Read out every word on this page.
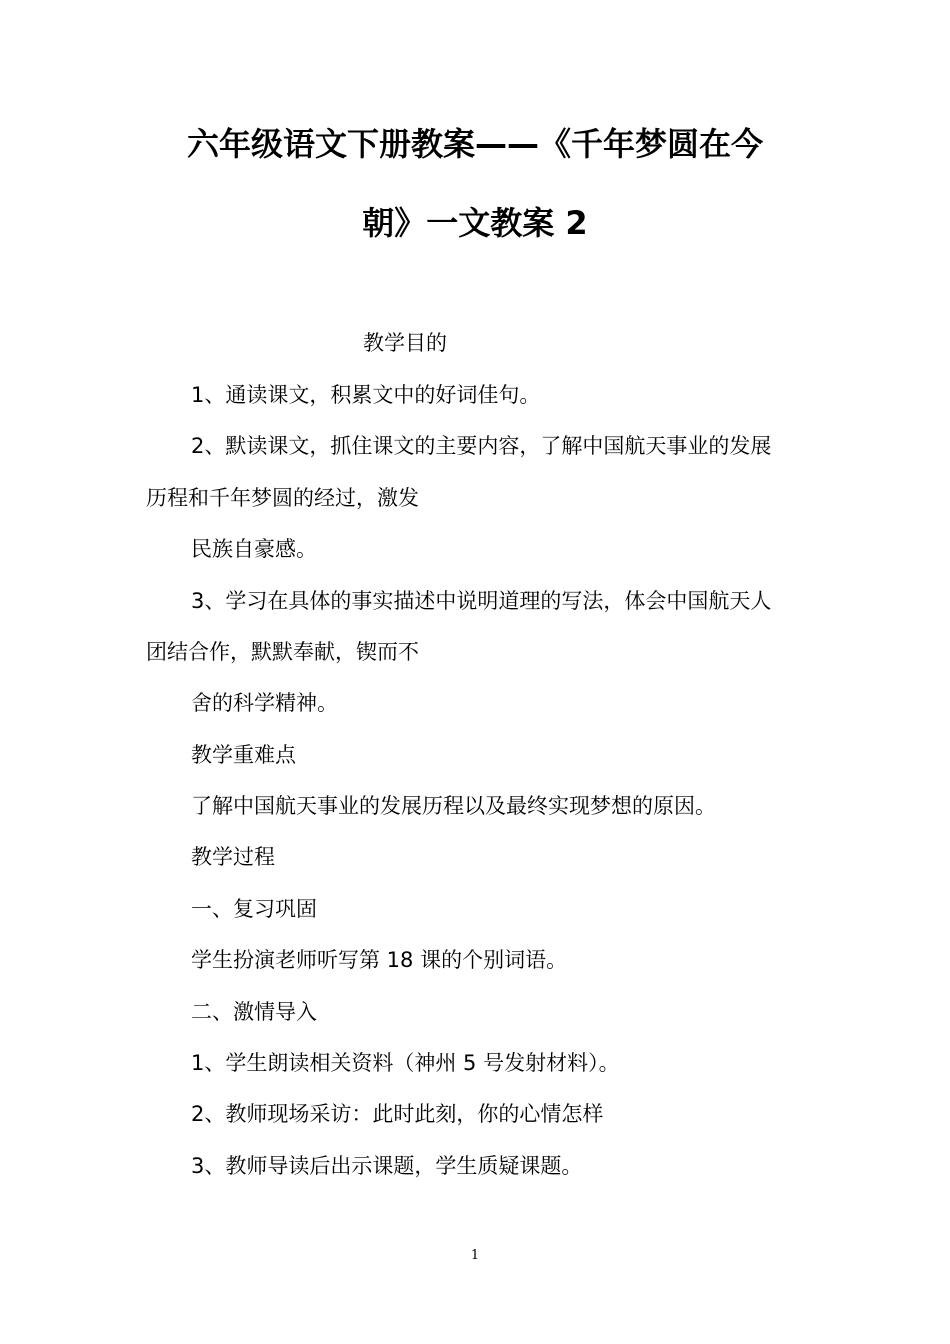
六年级语文下册教案——《千年梦圆在今
朝》一文教案 2
教学目的
1、通读课文，积累文中的好词佳句。
2、默读课文，抓住课文的主要内容，了解中国航天事业的发展
历程和千年梦圆的经过，激发
民族自豪感。
3、学习在具体的事实描述中说明道理的写法，体会中国航天人
团结合作，默默奉献，锲而不
舍的科学精神。
教学重难点
了解中国航天事业的发展历程以及最终实现梦想的原因。
教学过程
一、复习巩固
学生扮演老师听写第 18 课的个别词语。
二、激情导入
1、学生朗读相关资料（神州 5 号发射材料）。
2、教师现场采访：此时此刻，你的心情怎样
3、教师导读后出示课题，学生质疑课题。
1
